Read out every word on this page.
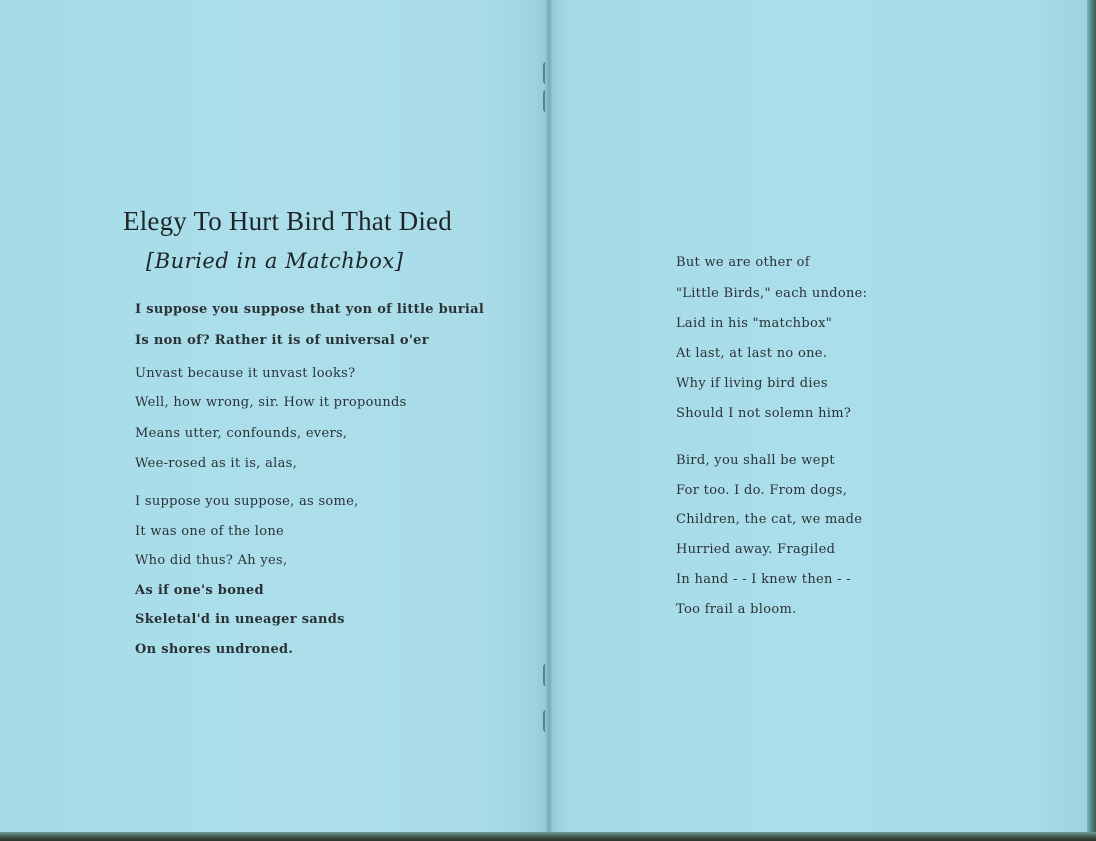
Elegy To Hurt Bird That Died
[Buried in a Matchbox]
I suppose you suppose that yon of little burial
Is non of? Rather it is of universal o'er
Unvast because it unvast looks?
Well, how wrong, sir. How it propounds
Means utter, confounds, evers,
Wee-rosed as it is, alas,
I suppose you suppose, as some,
It was one of the lone
Who did thus? Ah yes,
As if one's boned
Skeletal'd in uneager sands
On shores undroned.
But we are other of
"Little Birds," each undone:
Laid in his "matchbox"
At last, at last no one.
Why if living bird dies
Should I not solemn him?
Bird, you shall be wept
For too. I do. From dogs,
Children, the cat, we made
Hurried away. Fragiled
In hand - - I knew then - -
Too frail a bloom.
